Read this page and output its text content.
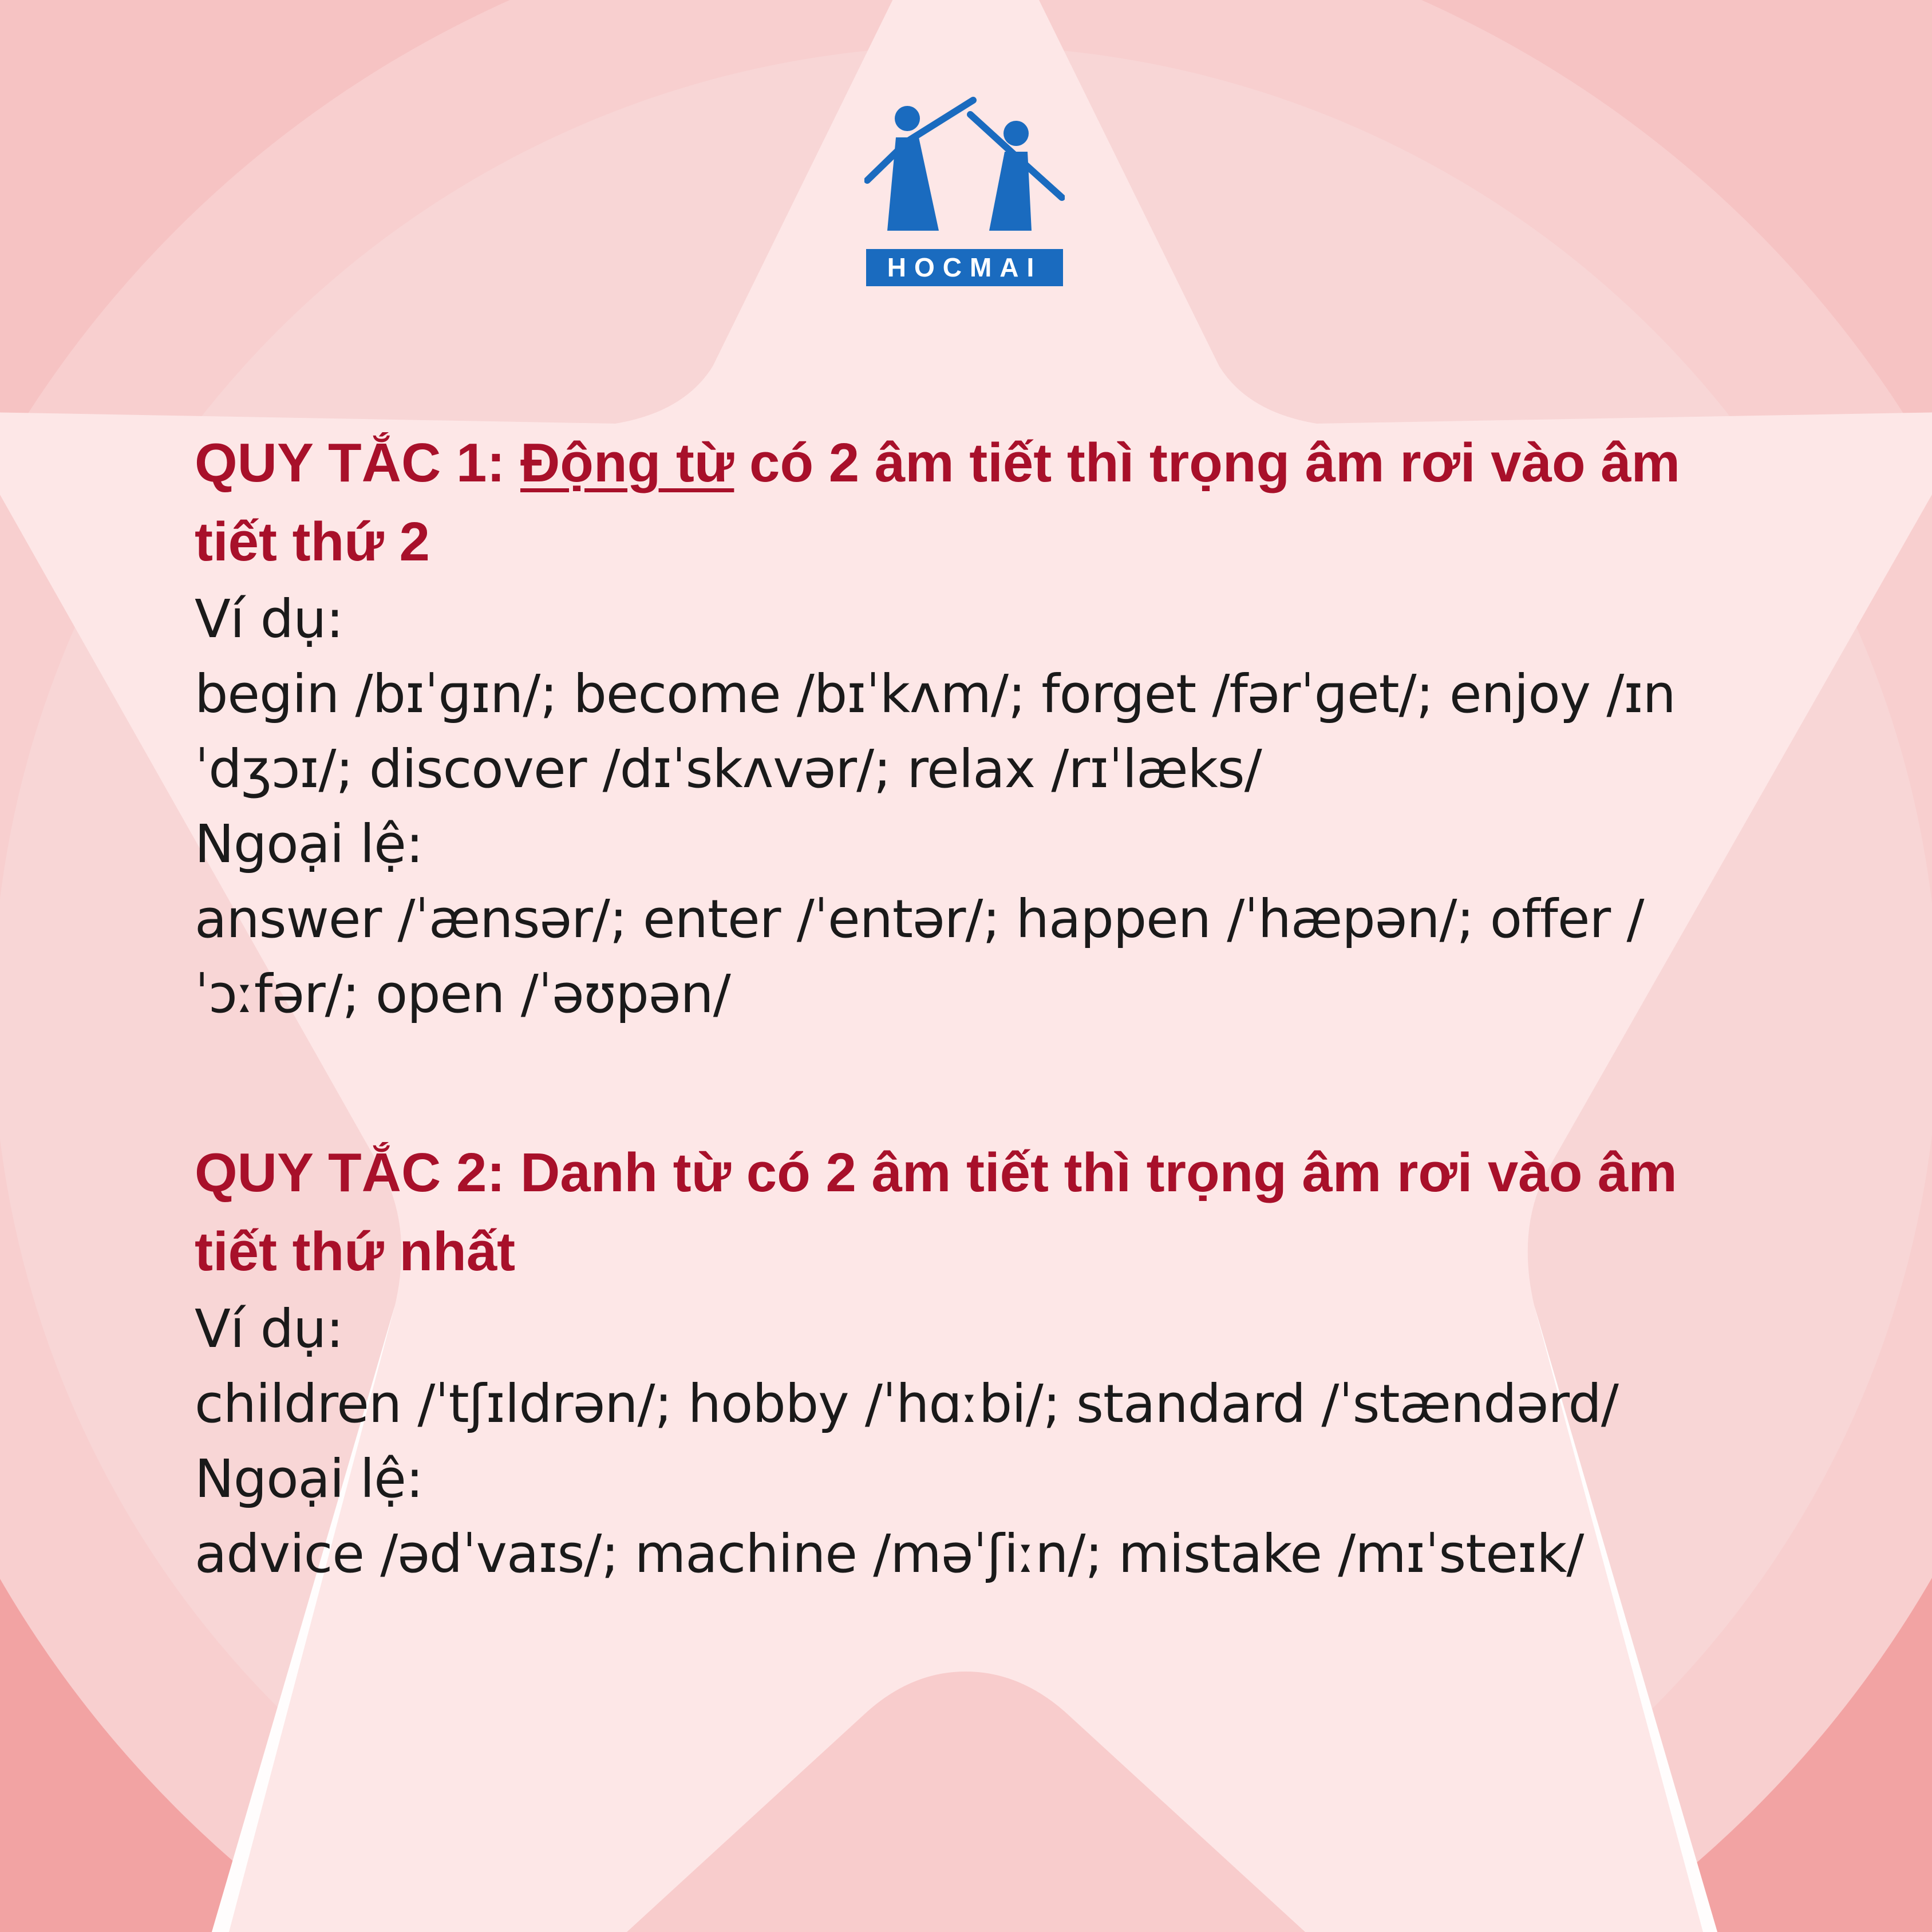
HOCMAI

QUY TẮC 1: Động từ có 2 âm tiết thì trọng âm rơi vào âm tiết thứ 2

Ví dụ:

begin /bɪˈɡɪn/; become /bɪˈkʌm/; forget /fərˈɡet/; enjoy /ɪn ˈdʒɔɪ/; discover /dɪˈskʌvər/; relax /rɪˈlæks/

Ngoại lệ:

answer /ˈænsər/; enter /ˈentər/; happen /ˈhæpən/; offer /ˈɔːfər/; open /ˈəʊpən/

QUY TẮC 2: Danh từ có 2 âm tiết thì trọng âm rơi vào âm tiết thứ nhất

Ví dụ:

children /ˈtʃɪldrən/; hobby /ˈhɑːbi/; standard /ˈstændərd/

Ngoại lệ:

advice /ədˈvaɪs/; machine /məˈʃiːn/; mistake /mɪˈsteɪk/
